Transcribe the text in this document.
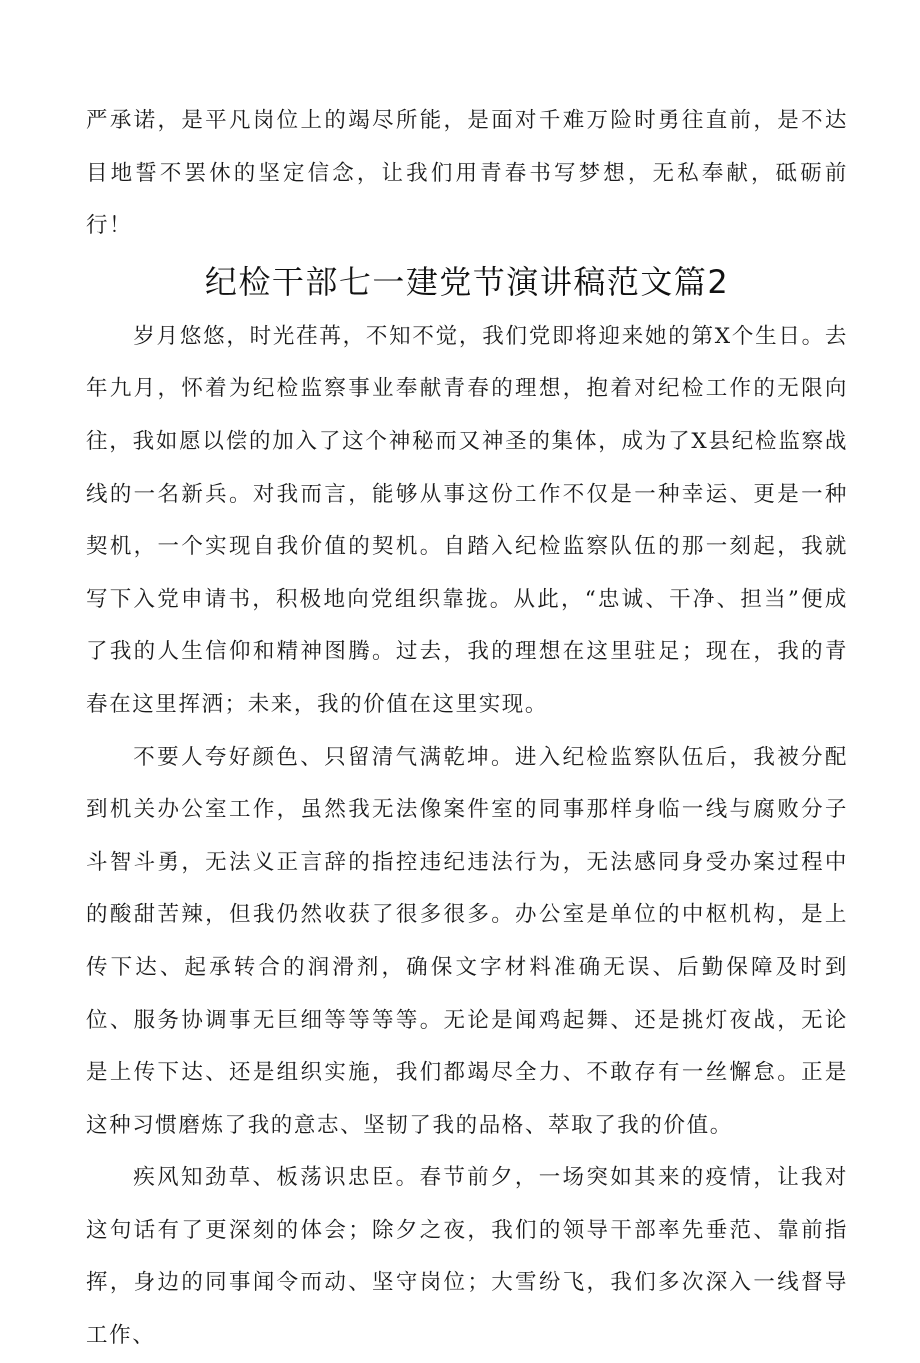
严承诺，是平凡岗位上的竭尽所能，是面对千难万险时勇往直前，是不达目地誓不罢休的坚定信念，让我们用青春书写梦想，无私奉献，砥砺前行！

纪检干部七一建党节演讲稿范文篇2

岁月悠悠，时光荏苒，不知不觉，我们党即将迎来她的第X个生日。去年九月，怀着为纪检监察事业奉献青春的理想，抱着对纪检工作的无限向往，我如愿以偿的加入了这个神秘而又神圣的集体，成为了X县纪检监察战线的一名新兵。对我而言，能够从事这份工作不仅是一种幸运、更是一种契机，一个实现自我价值的契机。自踏入纪检监察队伍的那一刻起，我就写下入党申请书，积极地向党组织靠拢。从此，“忠诚、干净、担当”便成了我的人生信仰和精神图腾。过去，我的理想在这里驻足；现在，我的青春在这里挥洒；未来，我的价值在这里实现。

不要人夸好颜色、只留清气满乾坤。进入纪检监察队伍后，我被分配到机关办公室工作，虽然我无法像案件室的同事那样身临一线与腐败分子斗智斗勇，无法义正言辞的指控违纪违法行为，无法感同身受办案过程中的酸甜苦辣，但我仍然收获了很多很多。办公室是单位的中枢机构，是上传下达、起承转合的润滑剂，确保文字材料准确无误、后勤保障及时到位、服务协调事无巨细等等等等。无论是闻鸡起舞、还是挑灯夜战，无论是上传下达、还是组织实施，我们都竭尽全力、不敢存有一丝懈怠。正是这种习惯磨炼了我的意志、坚韧了我的品格、萃取了我的价值。

疾风知劲草、板荡识忠臣。春节前夕，一场突如其来的疫情，让我对这句话有了更深刻的体会；除夕之夜，我们的领导干部率先垂范、靠前指挥，身边的同事闻令而动、坚守岗位；大雪纷飞，我们多次深入一线督导工作、
